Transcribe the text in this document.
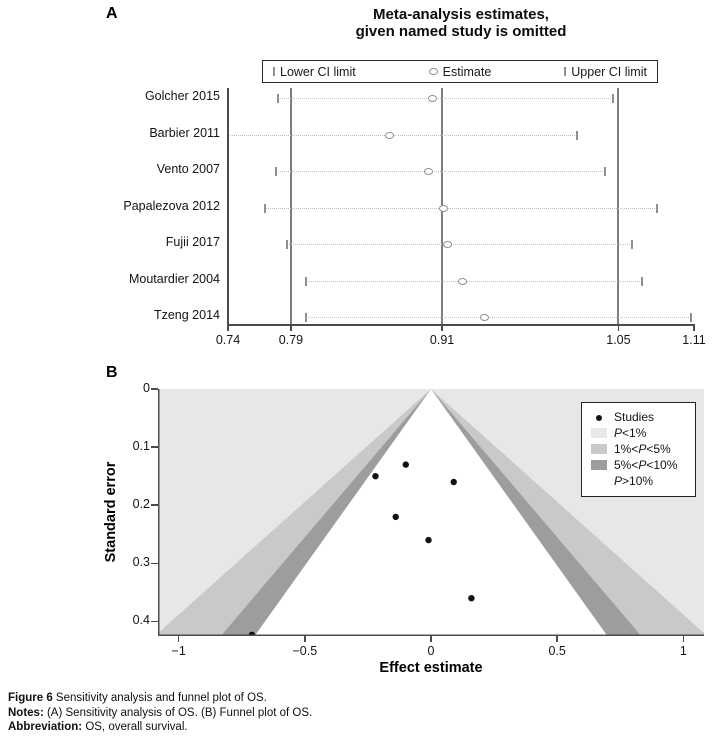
A	Meta-analysis estimates,
given named study is omitted
Lower CI limit	Estimate	Upper CI limit
Golcher 2015
Barbier 2011
Vento 2007
Papalezova 2012
Fujii 2017
Moutardier 2004
Tzeng 2014
0.74	0.79	0.91	1.05	1.11
B
Standard error
0
0.1
0.2
0.3
0.4
−1	−0.5	0	0.5	1
Effect estimate
Studies
P<1%
1%<P<5%
5%<P<10%
P>10%
Figure 6 Sensitivity analysis and funnel plot of OS.
Notes: (A) Sensitivity analysis of OS. (B) Funnel plot of OS.
Abbreviation: OS, overall survival.
